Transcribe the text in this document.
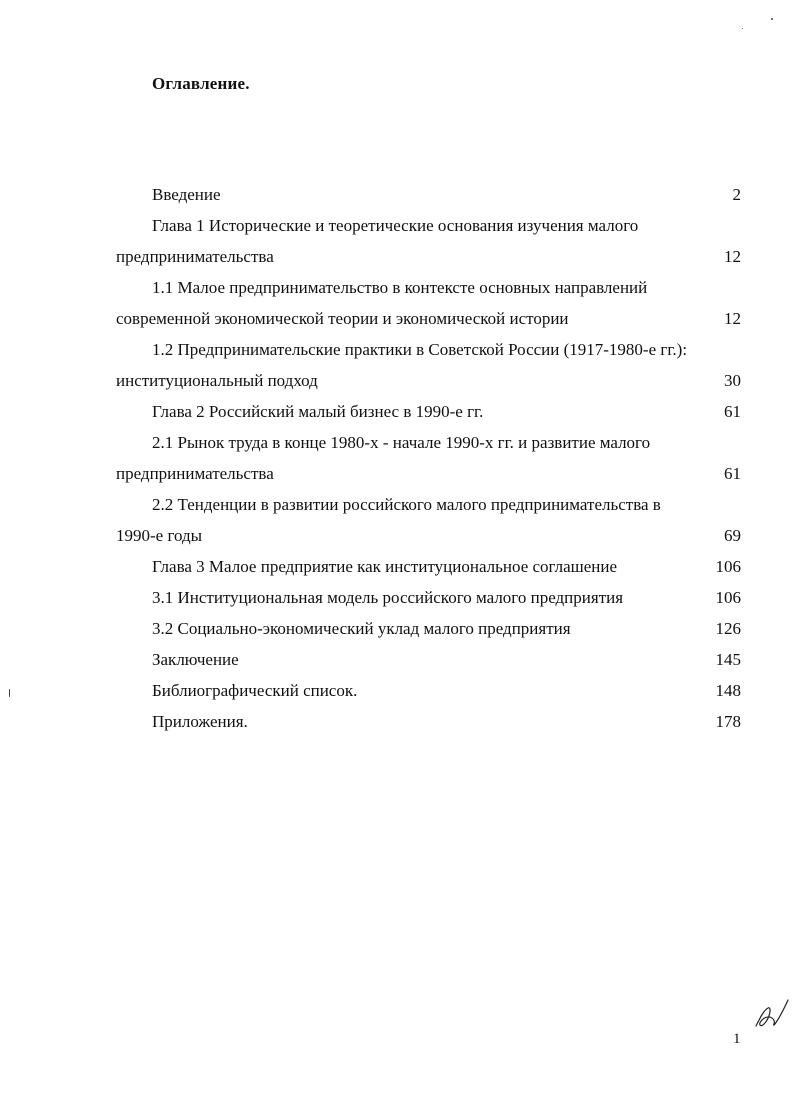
Оглавление.
Введение	2
Глава 1 Исторические и теоретические основания изучения малого
предпринимательства	12
1.1 Малое предпринимательство в контексте основных направлений
современной экономической теории и экономической истории	12
1.2 Предпринимательские практики в Советской России (1917-1980-е гг.):
институциональный подход	30
Глава 2 Российский малый бизнес в 1990-е гг.	61
2.1 Рынок труда в конце 1980-х - начале 1990-х гг. и развитие малого
предпринимательства	61
2.2 Тенденции в развитии российского малого предпринимательства в
1990-е годы	69
Глава 3 Малое предприятие как институциональное соглашение	106
3.1 Институциональная модель российского малого предприятия	106
3.2 Социально-экономический уклад малого предприятия	126
Заключение	145
Библиографический список.	148
Приложения.	178
1
